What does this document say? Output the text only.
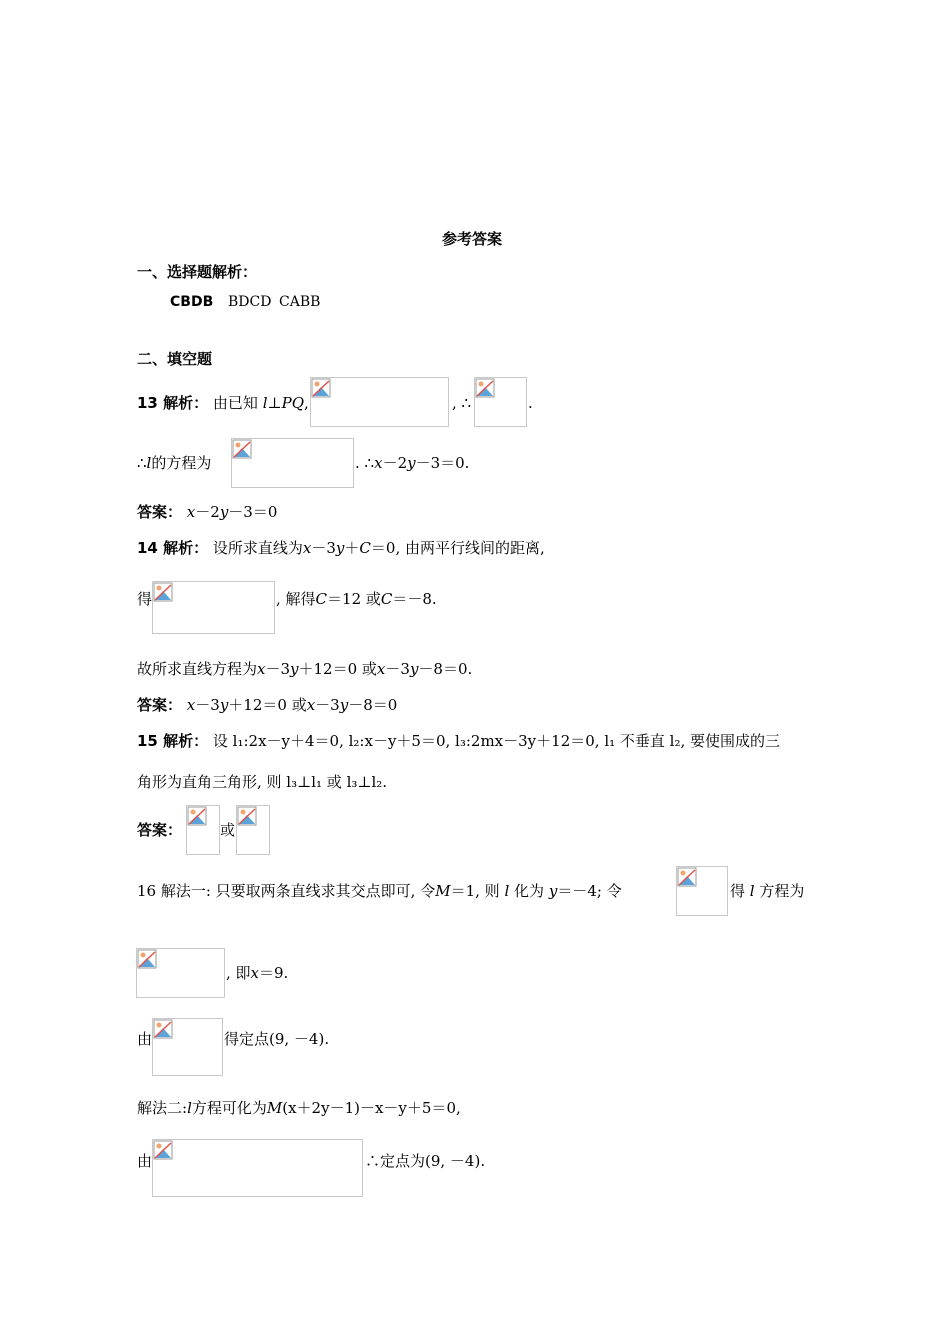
参考答案
一、选择题解析：
CBDB BDCD CABB
二、填空题
13 解析： 由已知 l⊥PQ,	, ∴	.
∴l的方程为	. ∴x－2y－3＝0.
答案： x－2y－3＝0
14 解析： 设所求直线为x－3y＋C＝0, 由两平行线间的距离,
得	, 解得C＝12 或C＝－8.
故所求直线方程为x－3y＋12＝0 或x－3y－8＝0.
答案： x－3y＋12＝0 或x－3y－8＝0
15 解析： 设 l₁:2x－y＋4＝0, l₂:x－y＋5＝0, l₃:2mx－3y＋12＝0, l₁ 不垂直 l₂, 要使围成的三
角形为直角三角形, 则 l₃⊥l₁ 或 l₃⊥l₂.
答案：	或
16 解法一: 只要取两条直线求其交点即可, 令M＝1, 则 l 化为 y＝－4; 令	得 l 方程为
, 即x＝9.
由	得定点(9, －4).
解法二:l方程可化为M(x＋2y－1)－x－y＋5＝0,
由	∴定点为(9, －4).
